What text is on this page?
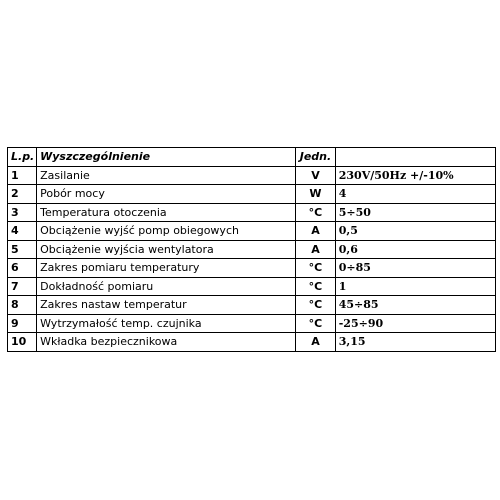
L.p.	Wyszczególnienie	Jedn.	
1	Zasilanie	V	230V/50Hz +/-10%
2	Pobór mocy	W	4
3	Temperatura otoczenia	°C	5÷50
4	Obciążenie wyjść pomp obiegowych	A	0,5
5	Obciążenie wyjścia wentylatora	A	0,6
6	Zakres pomiaru temperatury	°C	0÷85
7	Dokładność pomiaru	°C	1
8	Zakres nastaw temperatur	°C	45÷85
9	Wytrzymałość temp. czujnika	°C	-25÷90
10	Wkładka bezpiecznikowa	A	3,15
